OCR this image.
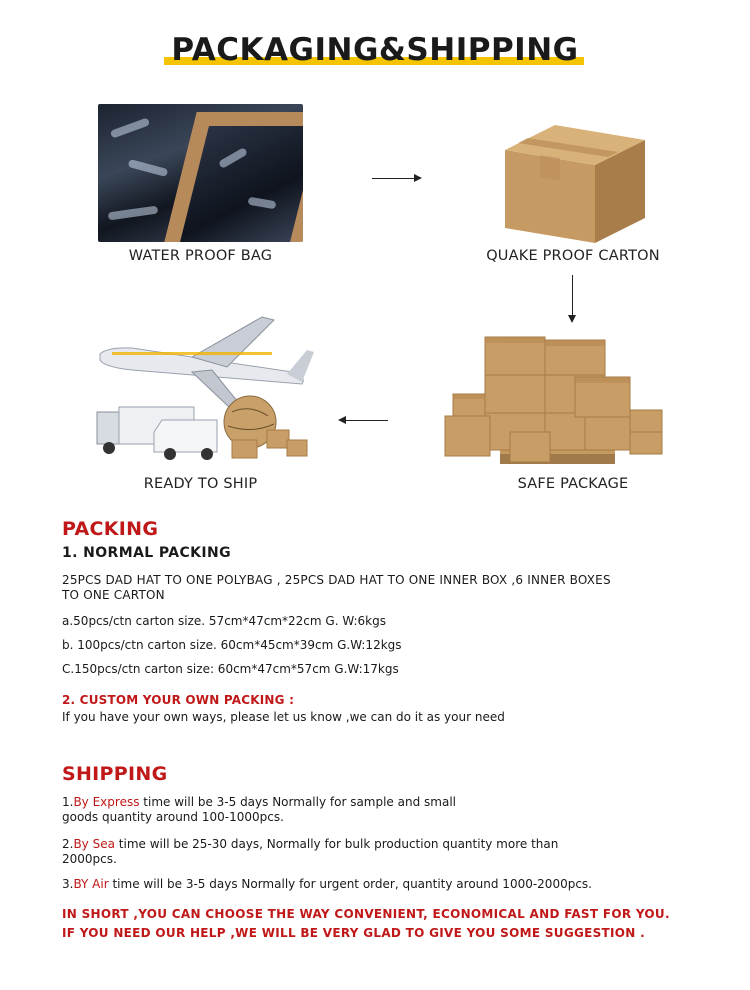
PACKAGING&SHIPPING
WATER PROOF BAG	QUAKE PROOF CARTON
SAFE PACKAGE
READY TO SHIP
PACKING
1. NORMAL PACKING
25PCS DAD HAT TO ONE POLYBAG , 25PCS DAD HAT TO ONE INNER BOX ,6 INNER BOXES
TO ONE CARTON
a.50pcs/ctn carton size. 57cm*47cm*22cm G. W:6kgs
b. 100pcs/ctn carton size. 60cm*45cm*39cm G.W:12kgs
C.150pcs/ctn carton size: 60cm*47cm*57cm G.W:17kgs
2. CUSTOM YOUR OWN PACKING :
If you have your own ways, please let us know ,we can do it as your need
SHIPPING
1.By Express time will be 3-5 days Normally for sample and small
goods quantity around 100-1000pcs.
2.By Sea time will be 25-30 days, Normally for bulk production quantity more than
2000pcs.
3.BY Air time will be 3-5 days Normally for urgent order, quantity around 1000-2000pcs.
IN SHORT ,YOU CAN CHOOSE THE WAY CONVENIENT, ECONOMICAL AND FAST FOR YOU.
IF YOU NEED OUR HELP ,WE WILL BE VERY GLAD TO GIVE YOU SOME SUGGESTION .
